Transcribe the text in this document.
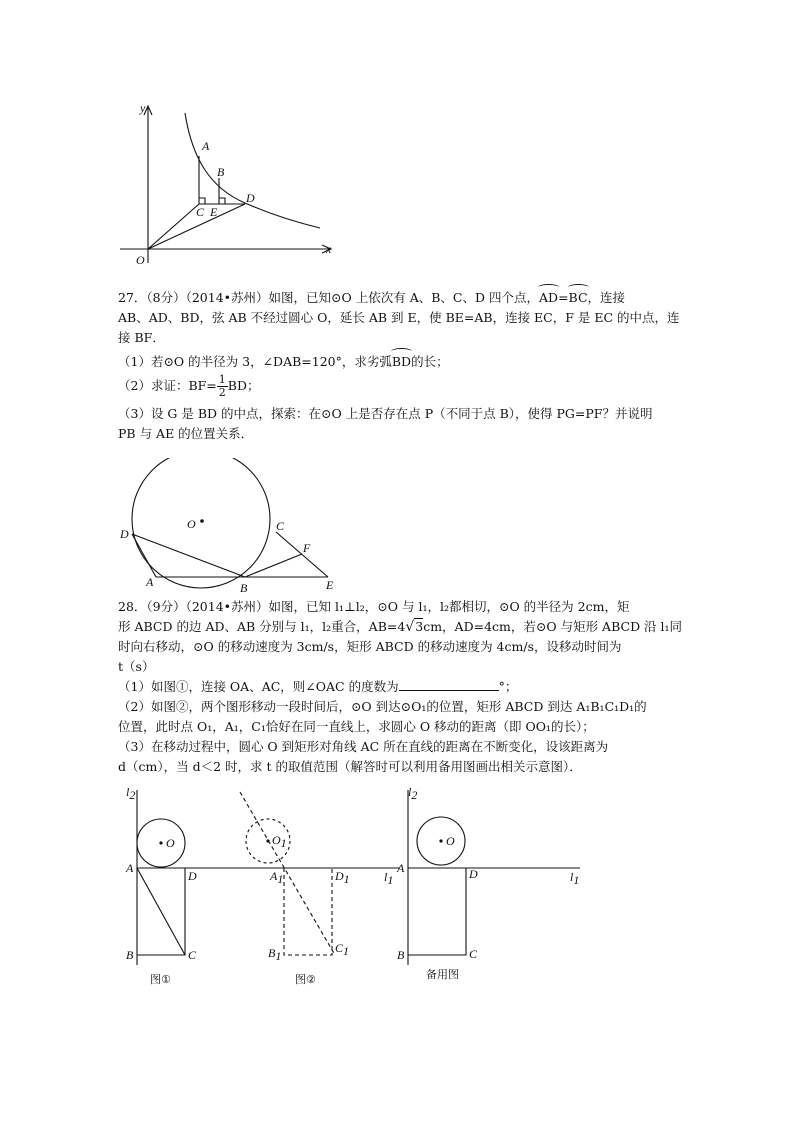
y
x
O
A
B
C E
D
27．（8分）（2014•苏州）如图，已知⊙O 上依次有 A、B、C、D 四个点，AD=BC，连接
AB、AD、BD，弦 AB 不经过圆心 O，延长 AB 到 E，使 BE=AB，连接 EC，F 是 EC 的中点，连
接 BF．
（1）若⊙O 的半径为 3，∠DAB=120°，求劣弧BD的长；
（2）求证：$BF= \frac{1}{2}$ BD；
（3）设 G 是 BD 的中点，探索：在⊙O 上是否存在点 P（不同于点 B），使得 PG=PF？并说明
PB 与 AE 的位置关系．
O
D
C
F
A	B	E
28．（9分）（2014•苏州）如图，已知 l₁⊥l₂，⊙O 与 l₁，l₂都相切，⊙O 的半径为 2cm，矩
形 ABCD 的边 AD、AB 分别与 l₁，l₂重合，AB=4√3cm，AD=4cm，若⊙O 与矩形 ABCD 沿 l₁同
时向右移动，⊙O 的移动速度为 3cm/s，矩形 ABCD 的移动速度为 4cm/s，设移动时间为
t（s）
（1）如图①，连接 OA、AC，则∠OAC 的度数为	°；
（2）如图②，两个图形移动一段时间后，⊙O 到达⊙O₁的位置，矩形 ABCD 到达 A₁B₁C₁D₁的
位置，此时点 O₁，A₁，C₁恰好在同一直线上，求圆心 O 移动的距离（即 OO₁的长）；
（3）在移动过程中，圆心 O 到矩形对角线 AC 所在直线的距离在不断变化，设该距离为
d（cm），当 d＜2 时，求 t 的取值范围（解答时可以利用备用图画出相关示意图）．
l2
O
A
D
B	C
图①
O1
A1	D1	l1
B1
C1
图②
l2
O
A	D	l1
B	C
备用图
